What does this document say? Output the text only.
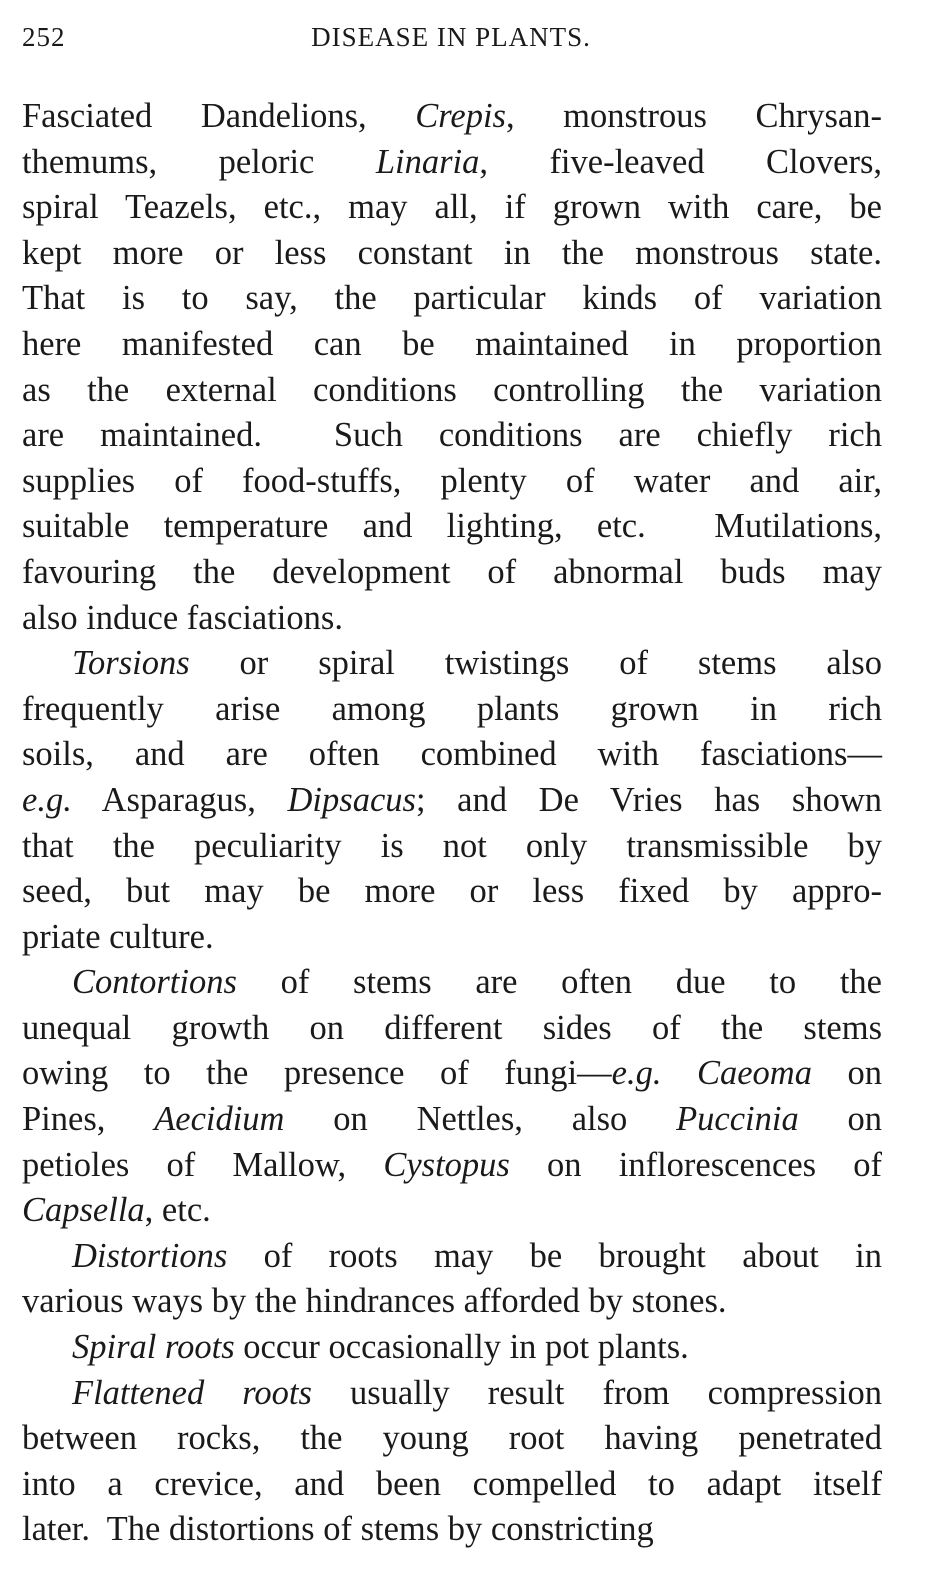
252	DISEASE IN PLANTS.
Fasciated Dandelions, Crepis, monstrous Chrysan-
themums, peloric Linaria, five-leaved Clovers,
spiral Teazels, etc., may all, if grown with care, be
kept more or less constant in the monstrous state.
That is to say, the particular kinds of variation
here manifested can be maintained in proportion
as the external conditions controlling the variation
are maintained.  Such conditions are chiefly rich
supplies of food-stuffs, plenty of water and air,
suitable temperature and lighting, etc.  Mutilations,
favouring the development of abnormal buds may
also induce fasciations.
Torsions or spiral twistings of stems also
frequently arise among plants grown in rich
soils, and are often combined with fasciations—
e.g. Asparagus, Dipsacus; and De Vries has shown
that the peculiarity is not only transmissible by
seed, but may be more or less fixed by appro-
priate culture.
Contortions of stems are often due to the
unequal growth on different sides of the stems
owing to the presence of fungi—e.g. Caeoma on
Pines, Aecidium on Nettles, also Puccinia on
petioles of Mallow, Cystopus on inflorescences of
Capsella, etc.
Distortions of roots may be brought about in
various ways by the hindrances afforded by stones.
Spiral roots occur occasionally in pot plants.
Flattened roots usually result from compression
between rocks, the young root having penetrated
into a crevice, and been compelled to adapt itself
later.  The distortions of stems by constricting
